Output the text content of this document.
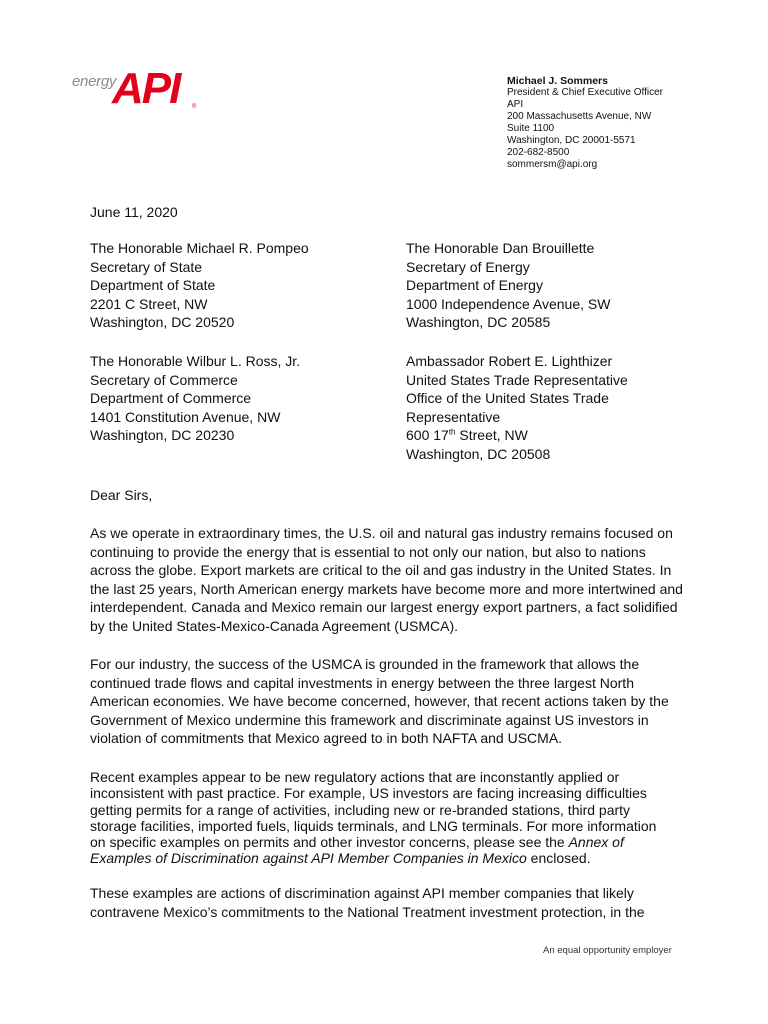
energy
API ®
Michael J. Sommers
President & Chief Executive Officer
API
200 Massachusetts Avenue, NW
Suite 1100
Washington, DC 20001-5571
202-682-8500
sommersm@api.org
June 11, 2020
The Honorable Michael R. Pompeo
Secretary of State
Department of State
2201 C Street, NW
Washington, DC 20520
The Honorable Dan Brouillette
Secretary of Energy
Department of Energy
1000 Independence Avenue, SW
Washington, DC 20585
The Honorable Wilbur L. Ross, Jr.
Secretary of Commerce
Department of Commerce
1401 Constitution Avenue, NW
Washington, DC 20230
Ambassador Robert E. Lighthizer
United States Trade Representative
Office of the United States Trade
Representative
600 17th Street, NW
Washington, DC 20508
Dear Sirs,
As we operate in extraordinary times, the U.S. oil and natural gas industry remains focused on
continuing to provide the energy that is essential to not only our nation, but also to nations
across the globe. Export markets are critical to the oil and gas industry in the United States. In
the last 25 years, North American energy markets have become more and more intertwined and
interdependent. Canada and Mexico remain our largest energy export partners, a fact solidified
by the United States-Mexico-Canada Agreement (USMCA).
For our industry, the success of the USMCA is grounded in the framework that allows the
continued trade flows and capital investments in energy between the three largest North
American economies. We have become concerned, however, that recent actions taken by the
Government of Mexico undermine this framework and discriminate against US investors in
violation of commitments that Mexico agreed to in both NAFTA and USCMA.
Recent examples appear to be new regulatory actions that are inconstantly applied or
inconsistent with past practice. For example, US investors are facing increasing difficulties
getting permits for a range of activities, including new or re-branded stations, third party
storage facilities, imported fuels, liquids terminals, and LNG terminals. For more information
on specific examples on permits and other investor concerns, please see the Annex of
Examples of Discrimination against API Member Companies in Mexico enclosed.
These examples are actions of discrimination against API member companies that likely
contravene Mexico’s commitments to the National Treatment investment protection, in the
An equal opportunity employer
